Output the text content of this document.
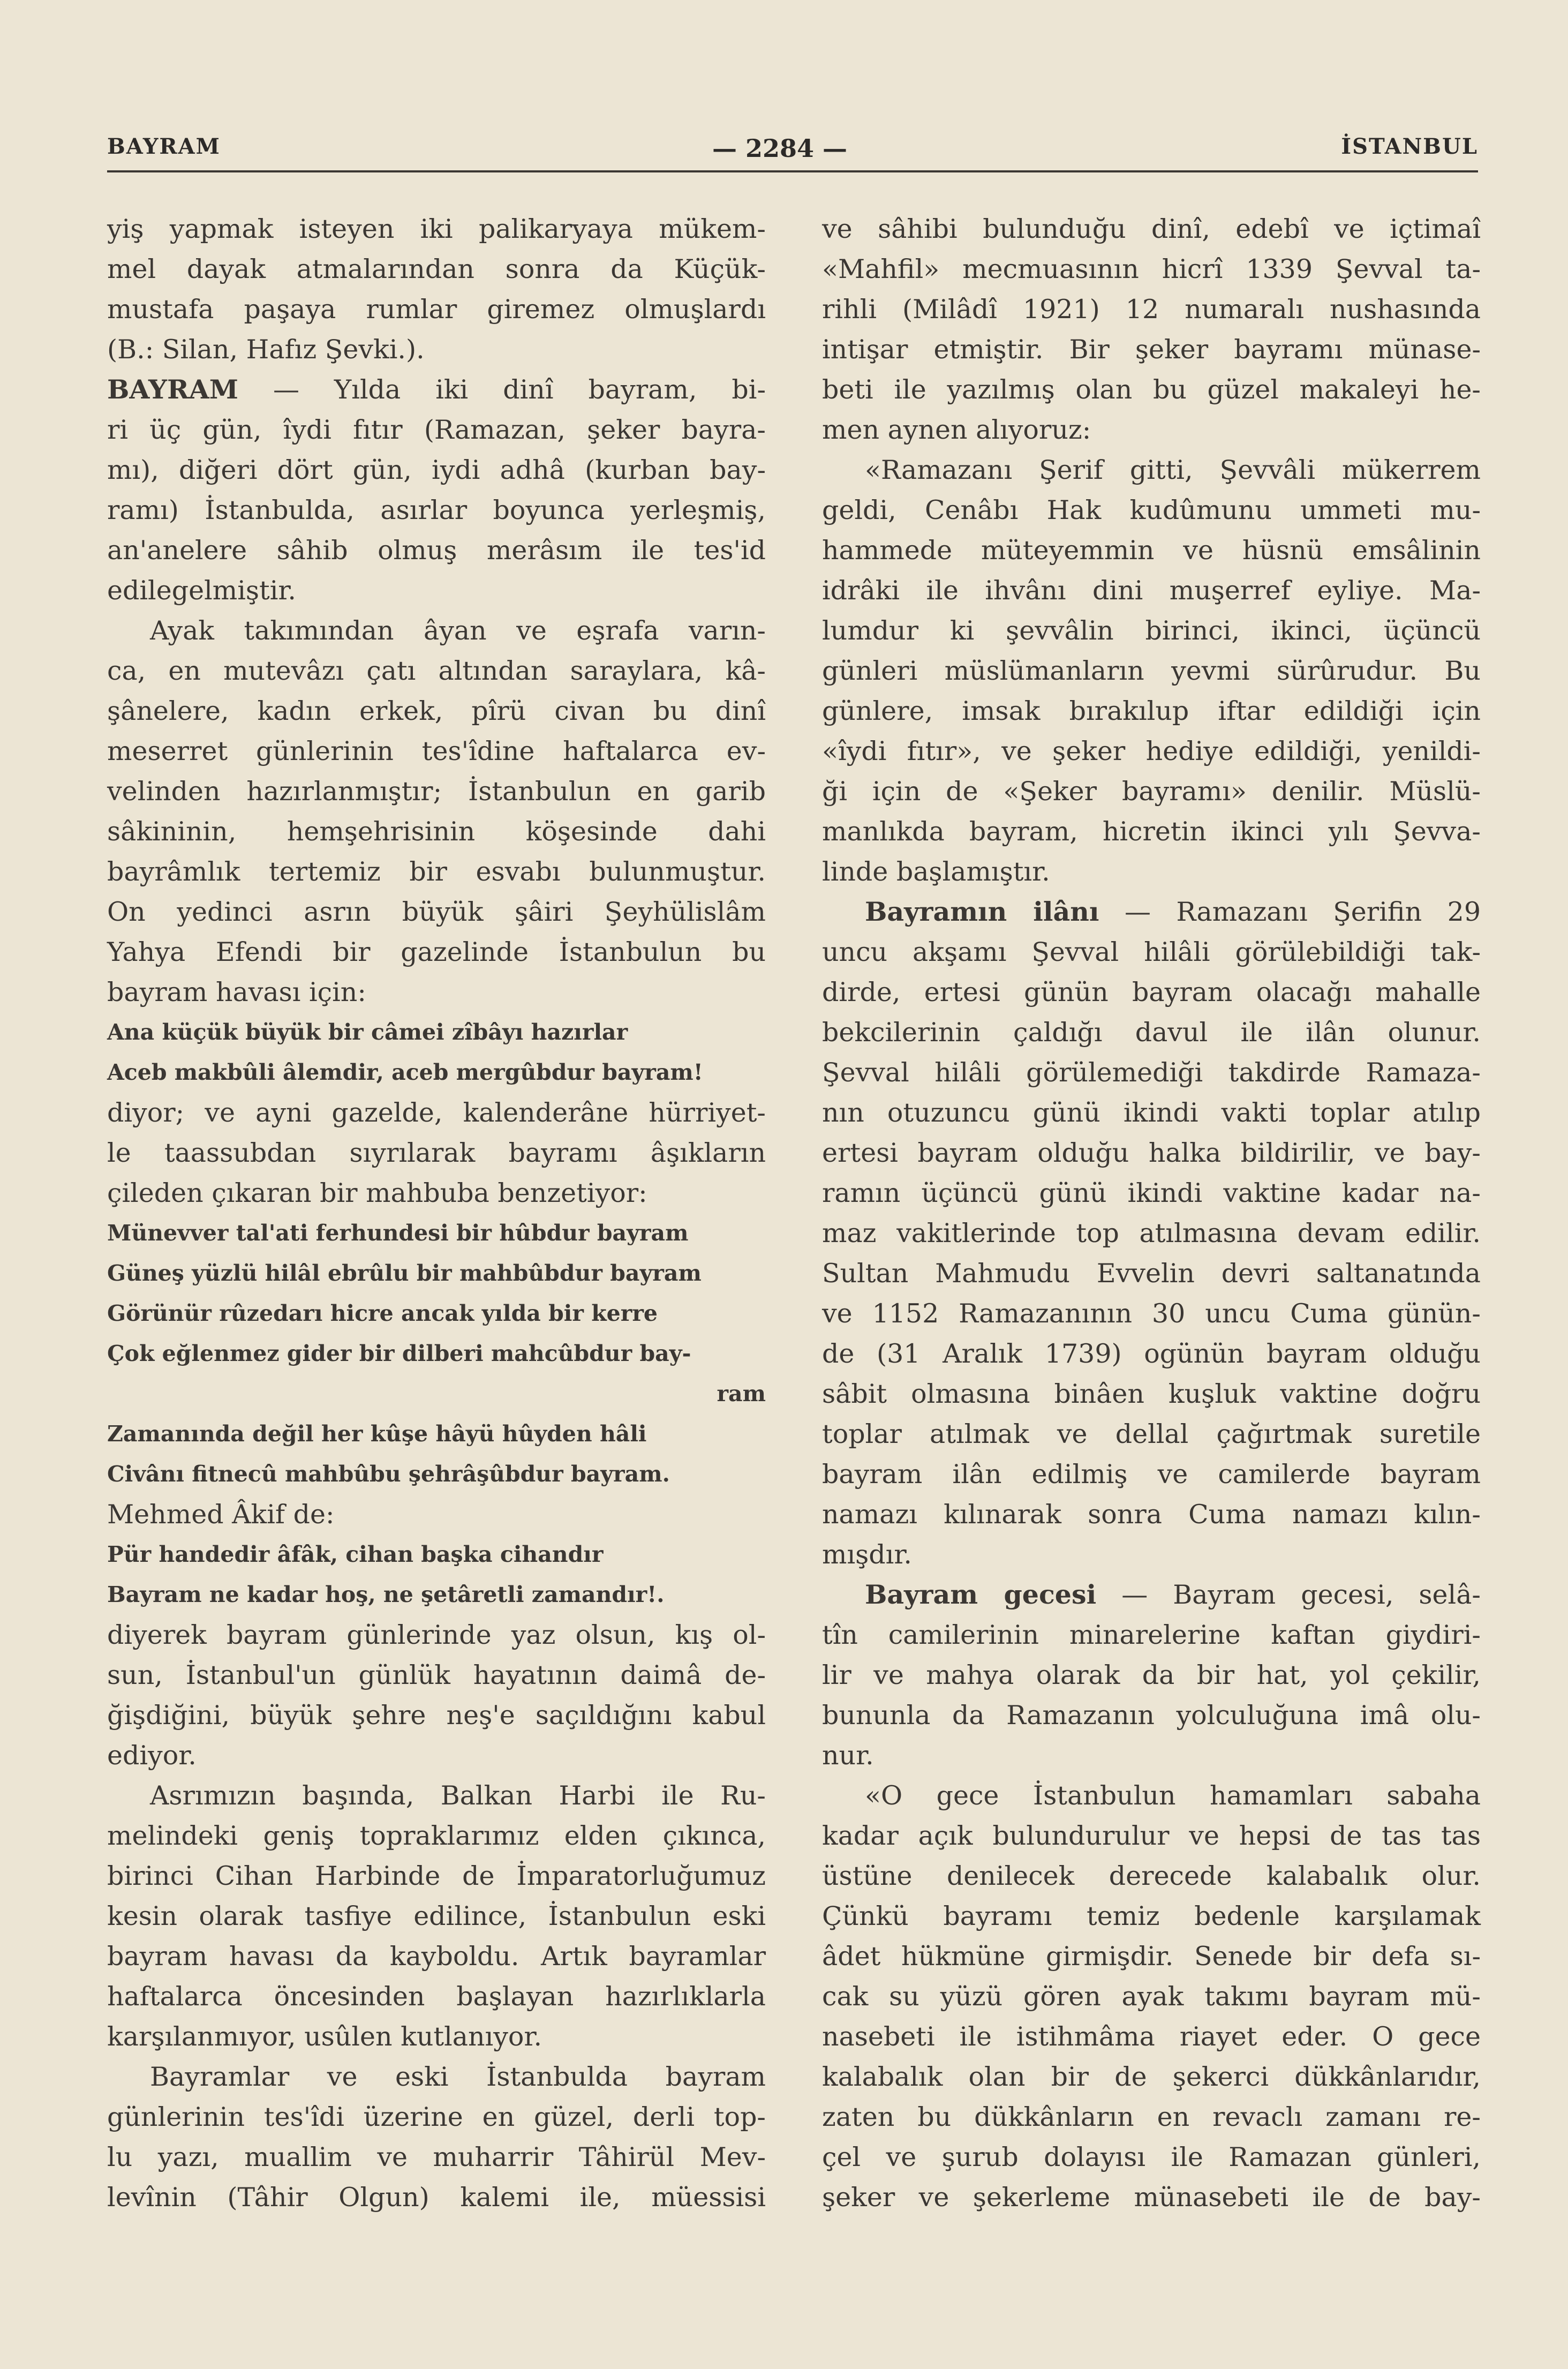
BAYRAM	— 2284 —	İSTANBUL
yiş yapmak isteyen iki palikaryaya mükem-
mel dayak atmalarından sonra da Küçük-
mustafa paşaya rumlar giremez olmuşlardı
(B.: Silan, Hafız Şevki.).
BAYRAM — Yılda iki dinî bayram, bi-
ri üç gün, îydi fıtır (Ramazan, şeker bayra-
mı), diğeri dört gün, iydi adhâ (kurban bay-
ramı) İstanbulda, asırlar boyunca yerleşmiş,
an'anelere sâhib olmuş merâsım ile tes'id
edilegelmiştir.
Ayak takımından âyan ve eşrafa varın-
ca, en mutevâzı çatı altından saraylara, kâ-
şânelere, kadın erkek, pîrü civan bu dinî
meserret günlerinin tes'îdine haftalarca ev-
velinden hazırlanmıştır; İstanbulun en garib
sâkininin, hemşehrisinin köşesinde dahi
bayrâmlık tertemiz bir esvabı bulunmuştur.
On yedinci asrın büyük şâiri Şeyhülislâm
Yahya Efendi bir gazelinde İstanbulun bu
bayram havası için:
Ana küçük büyük bir câmei zîbâyı hazırlar
Aceb makbûli âlemdir, aceb mergûbdur bayram!
diyor; ve ayni gazelde, kalenderâne hürriyet-
le taassubdan sıyrılarak bayramı âşıkların
çileden çıkaran bir mahbuba benzetiyor:
Münevver tal'ati ferhundesi bir hûbdur bayram
Güneş yüzlü hilâl ebrûlu bir mahbûbdur bayram
Görünür rûzedarı hicre ancak yılda bir kerre
Çok eğlenmez gider bir dilberi mahcûbdur bay-
ram
Zamanında değil her kûşe hâyü hûyden hâli
Civânı fitnecû mahbûbu şehrâşûbdur bayram.
Mehmed Âkif de:
Pür handedir âfâk, cihan başka cihandır
Bayram ne kadar hoş, ne şetâretli zamandır!.
diyerek bayram günlerinde yaz olsun, kış ol-
sun, İstanbul'un günlük hayatının daimâ de-
ğişdiğini, büyük şehre neş'e saçıldığını kabul
ediyor.
Asrımızın başında, Balkan Harbi ile Ru-
melindeki geniş topraklarımız elden çıkınca,
birinci Cihan Harbinde de İmparatorluğumuz
kesin olarak tasfiye edilince, İstanbulun eski
bayram havası da kayboldu. Artık bayramlar
haftalarca öncesinden başlayan hazırlıklarla
karşılanmıyor, usûlen kutlanıyor.
Bayramlar ve eski İstanbulda bayram
günlerinin tes'îdi üzerine en güzel, derli top-
lu yazı, muallim ve muharrir Tâhirül Mev-
levînin (Tâhir Olgun) kalemi ile, müessisi
ve sâhibi bulunduğu dinî, edebî ve içtimaî
«Mahfil» mecmuasının hicrî 1339 Şevval ta-
rihli (Milâdî 1921) 12 numaralı nushasında
intişar etmiştir. Bir şeker bayramı münase-
beti ile yazılmış olan bu güzel makaleyi he-
men aynen alıyoruz:
«Ramazanı Şerif gitti, Şevvâli mükerrem
geldi, Cenâbı Hak kudûmunu ummeti mu-
hammede müteyemmin ve hüsnü emsâlinin
idrâki ile ihvânı dini muşerref eyliye. Ma-
lumdur ki şevvâlin birinci, ikinci, üçüncü
günleri müslümanların yevmi sürûrudur. Bu
günlere, imsak bırakılup iftar edildiği için
«îydi fıtır», ve şeker hediye edildiği, yenildi-
ği için de «Şeker bayramı» denilir. Müslü-
manlıkda bayram, hicretin ikinci yılı Şevva-
linde başlamıştır.
Bayramın ilânı — Ramazanı Şerifin 29
uncu akşamı Şevval hilâli görülebildiği tak-
dirde, ertesi günün bayram olacağı mahalle
bekcilerinin çaldığı davul ile ilân olunur.
Şevval hilâli görülemediği takdirde Ramaza-
nın otuzuncu günü ikindi vakti toplar atılıp
ertesi bayram olduğu halka bildirilir, ve bay-
ramın üçüncü günü ikindi vaktine kadar na-
maz vakitlerinde top atılmasına devam edilir.
Sultan Mahmudu Evvelin devri saltanatında
ve 1152 Ramazanının 30 uncu Cuma günün-
de (31 Aralık 1739) ogünün bayram olduğu
sâbit olmasına binâen kuşluk vaktine doğru
toplar atılmak ve dellal çağırtmak suretile
bayram ilân edilmiş ve camilerde bayram
namazı kılınarak sonra Cuma namazı kılın-
mışdır.
Bayram gecesi — Bayram gecesi, selâ-
tîn camilerinin minarelerine kaftan giydiri-
lir ve mahya olarak da bir hat, yol çekilir,
bununla da Ramazanın yolculuğuna imâ olu-
nur.
«O gece İstanbulun hamamları sabaha
kadar açık bulundurulur ve hepsi de tas tas
üstüne denilecek derecede kalabalık olur.
Çünkü bayramı temiz bedenle karşılamak
âdet hükmüne girmişdir. Senede bir defa sı-
cak su yüzü gören ayak takımı bayram mü-
nasebeti ile istihmâma riayet eder. O gece
kalabalık olan bir de şekerci dükkânlarıdır,
zaten bu dükkânların en revaclı zamanı re-
çel ve şurub dolayısı ile Ramazan günleri,
şeker ve şekerleme münasebeti ile de bay-
